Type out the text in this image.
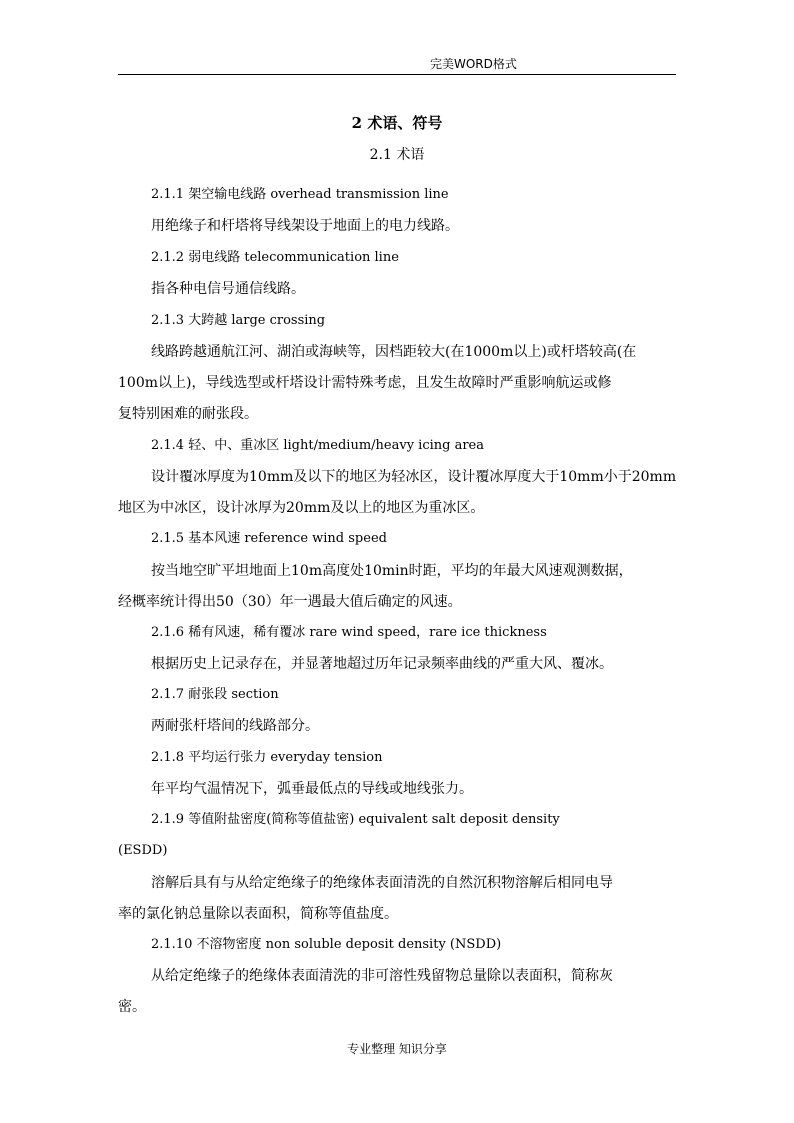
完美WORD格式
2 术语、符号
2.1 术语
2.1.1 架空输电线路 overhead transmission line
用绝缘子和杆塔将导线架设于地面上的电力线路。
2.1.2 弱电线路 telecommunication line
指各种电信号通信线路。
2.1.3 大跨越 large crossing
线路跨越通航江河、湖泊或海峡等，因档距较大(在1000m以上)或杆塔较高(在
100m以上)，导线选型或杆塔设计需特殊考虑，且发生故障时严重影响航运或修
复特别困难的耐张段。
2.1.4 轻、中、重冰区 light/medium/heavy icing area
设计覆冰厚度为10mm及以下的地区为轻冰区，设计覆冰厚度大于10mm小于20mm
地区为中冰区，设计冰厚为20mm及以上的地区为重冰区。
2.1.5 基本风速 reference wind speed
按当地空旷平坦地面上10m高度处10min时距，平均的年最大风速观测数据，
经概率统计得出50（30）年一遇最大值后确定的风速。
2.1.6 稀有风速，稀有覆冰 rare wind speed，rare ice thickness
根据历史上记录存在，并显著地超过历年记录频率曲线的严重大风、覆冰。
2.1.7 耐张段 section
两耐张杆塔间的线路部分。
2.1.8 平均运行张力 everyday tension
年平均气温情况下，弧垂最低点的导线或地线张力。
2.1.9 等值附盐密度(简称等值盐密) equivalent salt deposit density
(ESDD)
溶解后具有与从给定绝缘子的绝缘体表面清洗的自然沉积物溶解后相同电导
率的氯化钠总量除以表面积，简称等值盐度。
2.1.10 不溶物密度 non soluble deposit density (NSDD)
从给定绝缘子的绝缘体表面清洗的非可溶性残留物总量除以表面积，简称灰
密。
专业整理 知识分享
